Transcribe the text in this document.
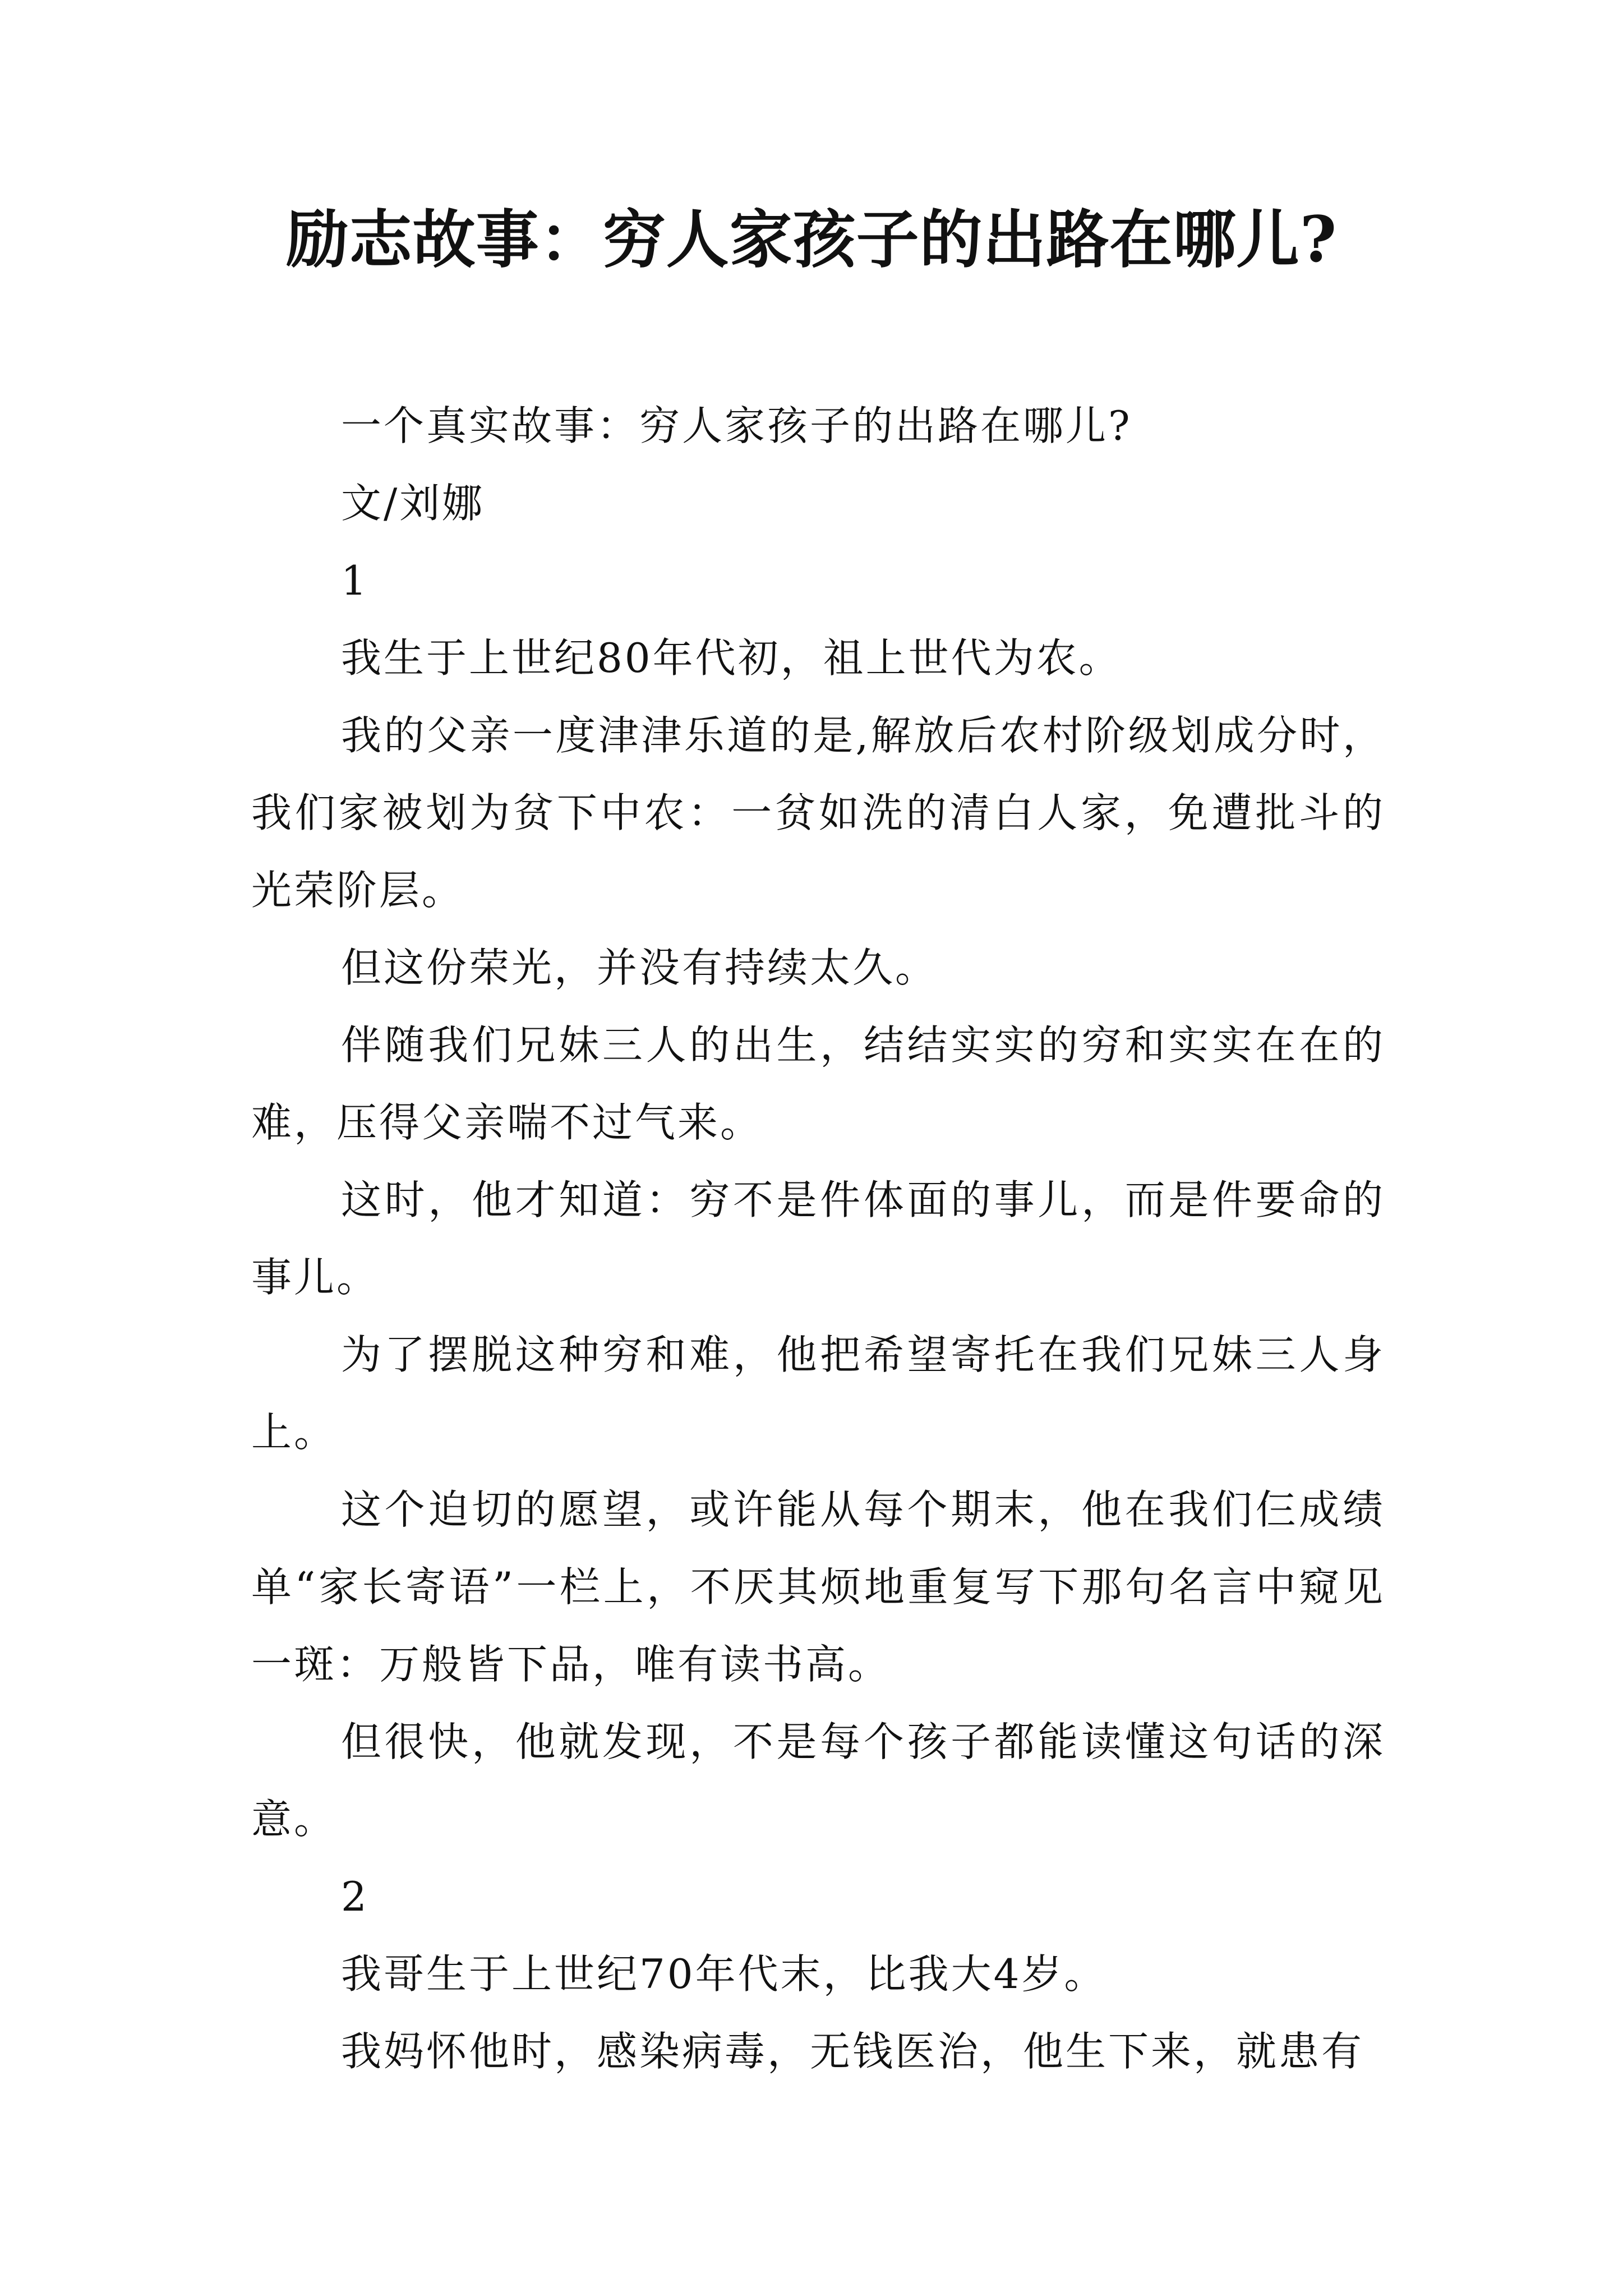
励志故事：穷人家孩子的出路在哪儿?

一个真实故事：穷人家孩子的出路在哪儿?

文/刘娜

1

我生于上世纪80年代初，祖上世代为农。

我的父亲一度津津乐道的是,解放后农村阶级划成分时，我们家被划为贫下中农：一贫如洗的清白人家，免遭批斗的光荣阶层。

但这份荣光，并没有持续太久。

伴随我们兄妹三人的出生，结结实实的穷和实实在在的难，压得父亲喘不过气来。

这时，他才知道：穷不是件体面的事儿，而是件要命的事儿。

为了摆脱这种穷和难，他把希望寄托在我们兄妹三人身上。

这个迫切的愿望，或许能从每个期末，他在我们仨成绩单“家长寄语”一栏上，不厌其烦地重复写下那句名言中窥见一斑：万般皆下品，唯有读书高。

但很快，他就发现，不是每个孩子都能读懂这句话的深意。

2

我哥生于上世纪70年代末，比我大4岁。

我妈怀他时，感染病毒，无钱医治，他生下来，就患有
